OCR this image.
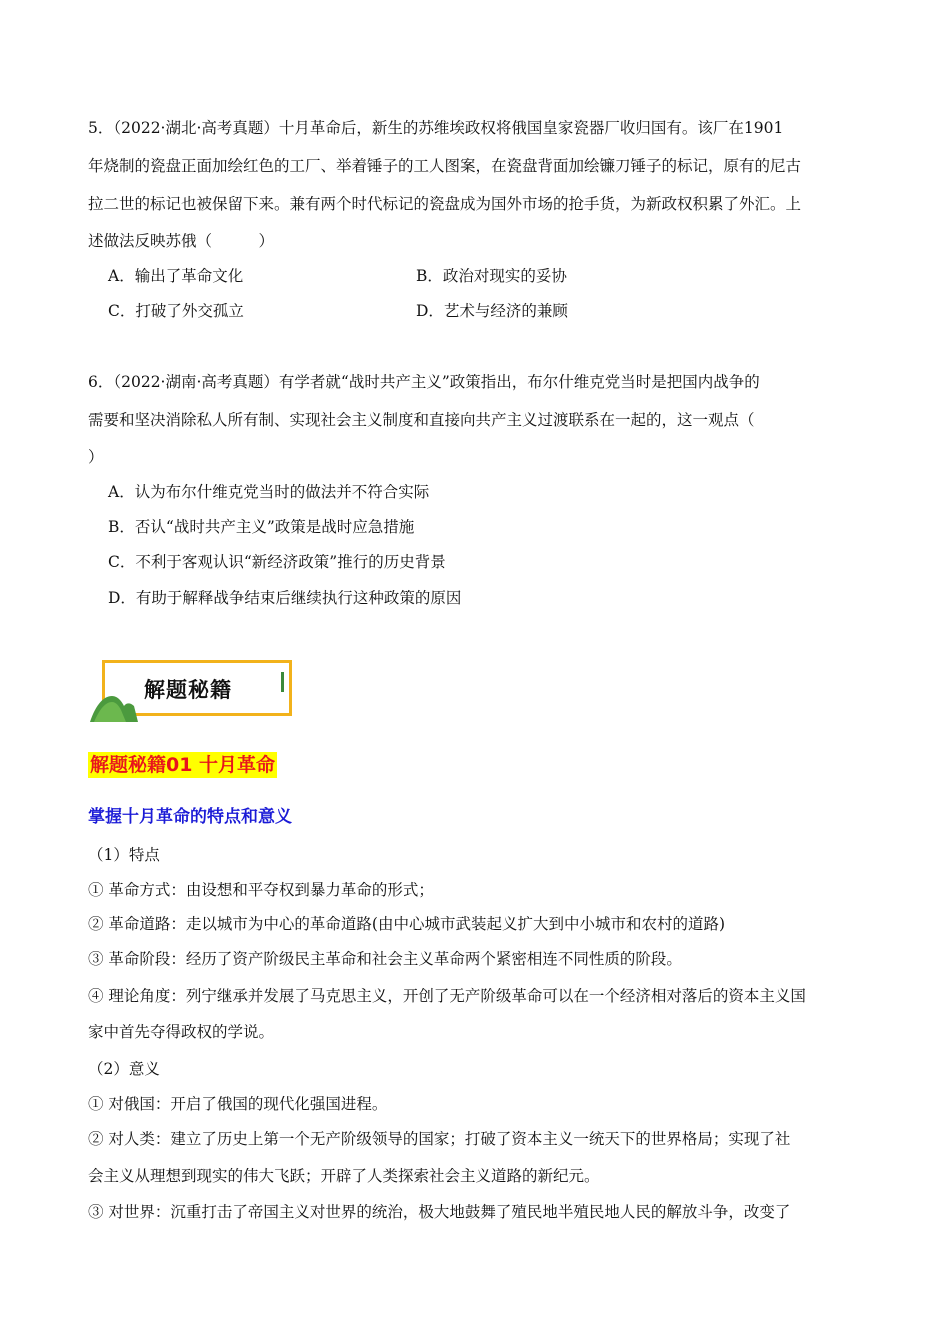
5．（2022·湖北·高考真题）十月革命后，新生的苏维埃政权将俄国皇家瓷器厂收归国有。该厂在1901
年烧制的瓷盘正面加绘红色的工厂、举着锤子的工人图案，在瓷盘背面加绘镰刀锤子的标记，原有的尼古
拉二世的标记也被保留下来。兼有两个时代标记的瓷盘成为国外市场的抢手货，为新政权积累了外汇。上
述做法反映苏俄（　　　）
A．输出了革命文化	B．政治对现实的妥协
C．打破了外交孤立	D．艺术与经济的兼顾
6．（2022·湖南·高考真题）有学者就“战时共产主义”政策指出，布尔什维克党当时是把国内战争的
需要和坚决消除私人所有制、实现社会主义制度和直接向共产主义过渡联系在一起的，这一观点（
）
A．认为布尔什维克党当时的做法并不符合实际
B．否认“战时共产主义”政策是战时应急措施
C．不利于客观认识“新经济政策”推行的历史背景
D．有助于解释战争结束后继续执行这种政策的原因
解题秘籍
解题秘籍01 十月革命
掌握十月革命的特点和意义
（1）特点
① 革命方式：由设想和平夺权到暴力革命的形式；
② 革命道路：走以城市为中心的革命道路(由中心城市武装起义扩大到中小城市和农村的道路)
③ 革命阶段：经历了资产阶级民主革命和社会主义革命两个紧密相连不同性质的阶段。
④ 理论角度：列宁继承并发展了马克思主义，开创了无产阶级革命可以在一个经济相对落后的资本主义国
家中首先夺得政权的学说。
（2）意义
① 对俄国：开启了俄国的现代化强国进程。
② 对人类：建立了历史上第一个无产阶级领导的国家；打破了资本主义一统天下的世界格局；实现了社
会主义从理想到现实的伟大飞跃；开辟了人类探索社会主义道路的新纪元。
③ 对世界：沉重打击了帝国主义对世界的统治，极大地鼓舞了殖民地半殖民地人民的解放斗争，改变了
